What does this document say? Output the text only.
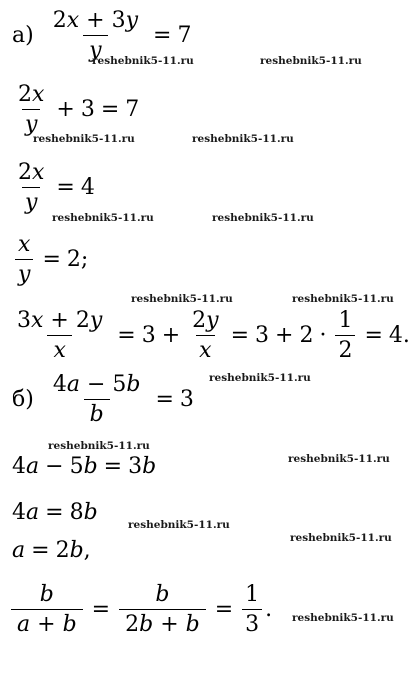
$а) \frac{2x + 3y}{y} = 7$
$\frac{2x}{y} + 3 = 7$
$\frac{2x}{y} = 4$
$\frac{x}{y} = 2$ ;
$\frac{3x + 2y}{x} = 3 + \frac{2y}{x} = 3 + 2 \cdot \frac{1}{2} = 4$.
$б) \frac{4a - 5b}{b} = 3$
4 a − 5 b = 3 b
4 a = 8 b
a = 2 b ,
$\frac{b}{a + b} = \frac{b}{2b + b} = \frac{1}{3}$ .
reshebnik5-11.ru	reshebnik5-11.ru
reshebnik5-11.ru	reshebnik5-11.ru
reshebnik5-11.ru	reshebnik5-11.ru
reshebnik5-11.ru	reshebnik5-11.ru
reshebnik5-11.ru
reshebnik5-11.ru
reshebnik5-11.ru
reshebnik5-11.ru
reshebnik5-11.ru
reshebnik5-11.ru
